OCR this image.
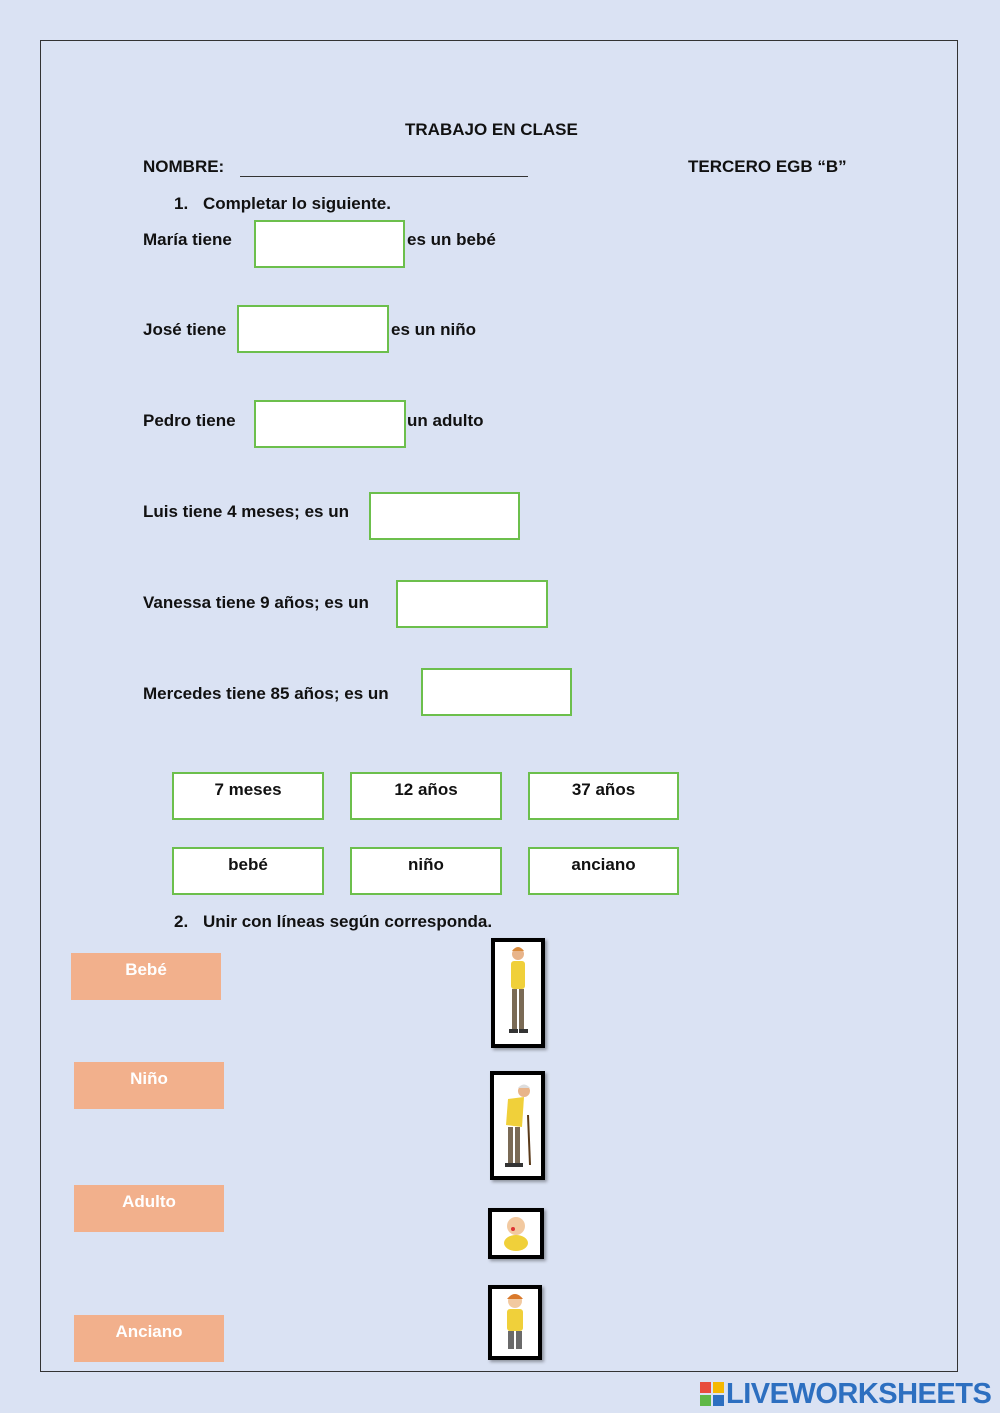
TRABAJO EN CLASE
NOMBRE:	TERCERO EGB “B”
1. Completar lo siguiente.
María tiene	es un bebé
José tiene	es un niño
Pedro tiene	un adulto
Luis tiene 4 meses; es un
Vanessa tiene 9 años; es un
Mercedes tiene 85 años; es un
7 meses	12 años	37 años
bebé	niño	anciano
2. Unir con líneas según corresponda.
Bebé
Niño
Adulto
Anciano
LIVEWORKSHEETS
